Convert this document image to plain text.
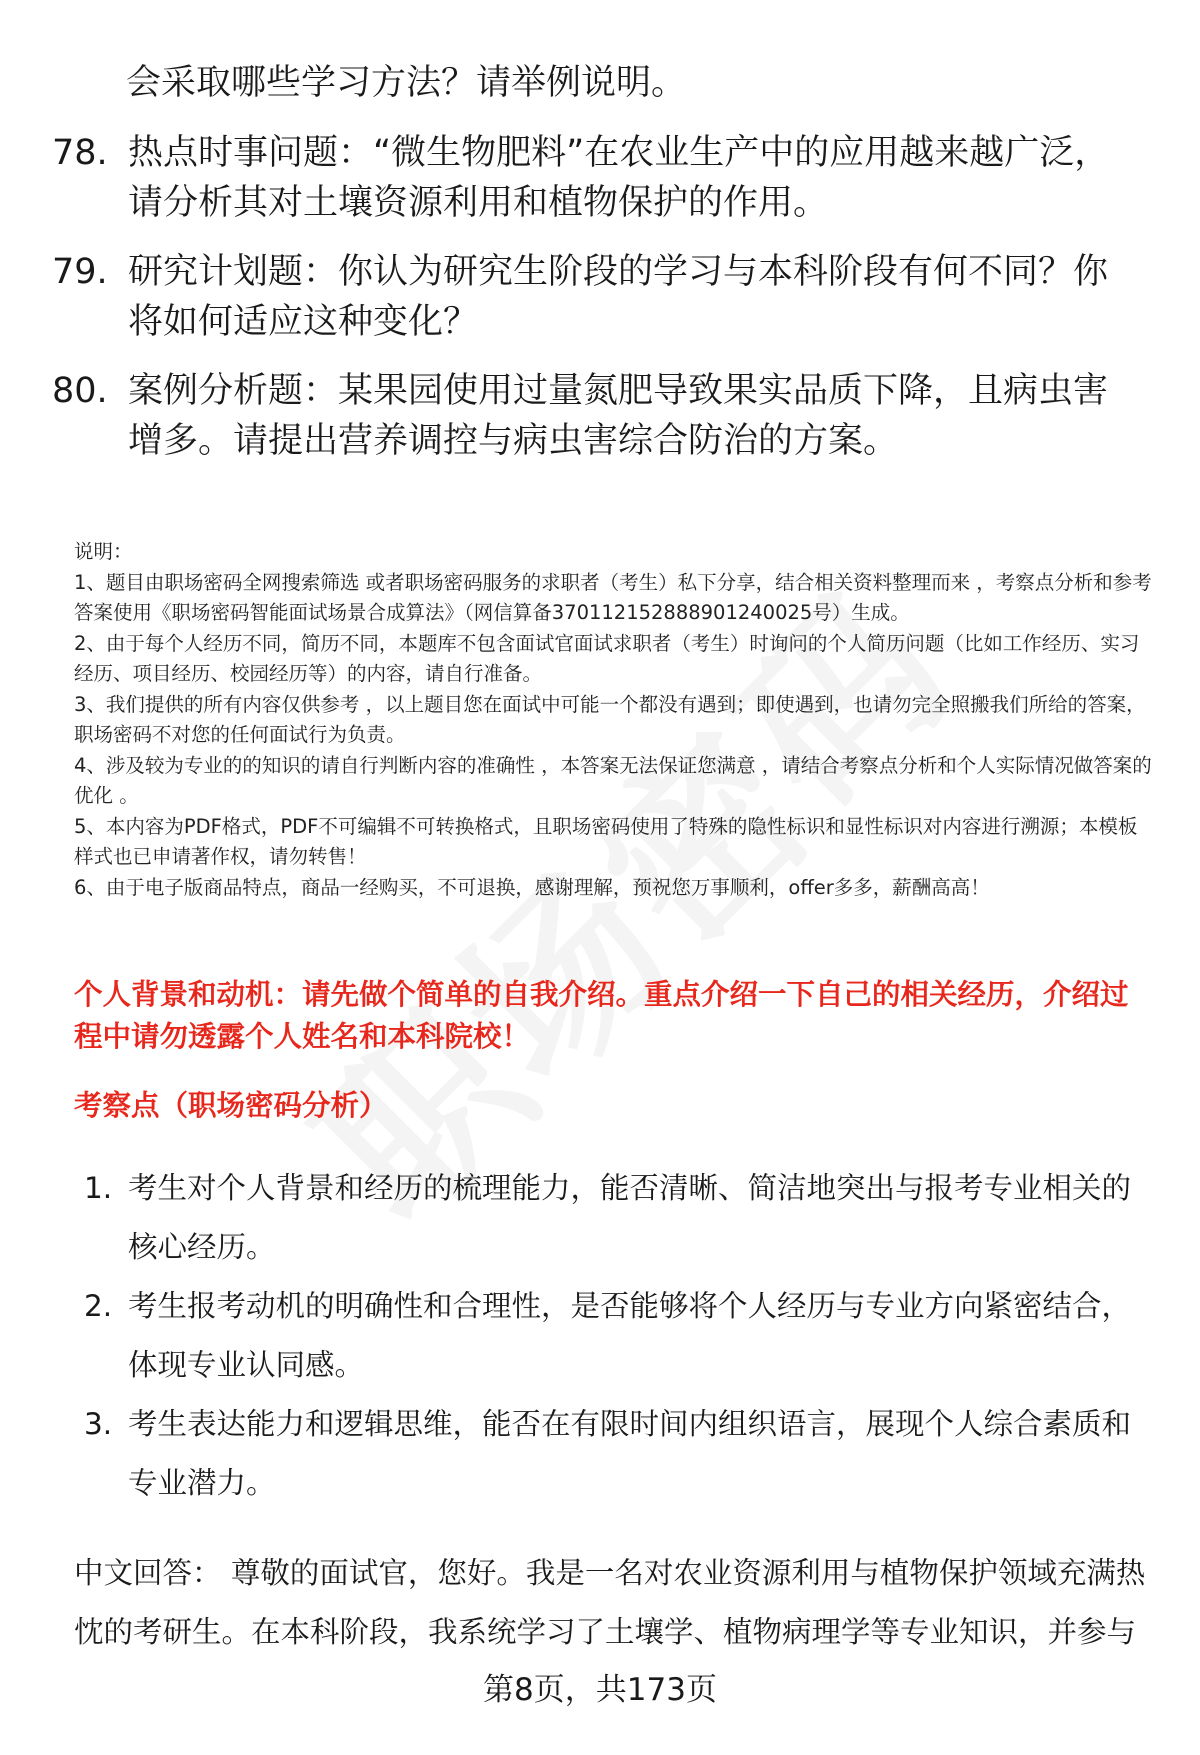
会采取哪些学习方法？请举例说明。
78. 热点时事问题：“微生物肥料”在农业生产中的应用越来越广泛，请分析其对土壤资源利用和植物保护的作用。
79. 研究计划题：你认为研究生阶段的学习与本科阶段有何不同？你将如何适应这种变化？
80. 案例分析题：某果园使用过量氮肥导致果实品质下降，且病虫害增多。请提出营养调控与病虫害综合防治的方案。

说明：

1、题目由职场密码全网搜索筛选 或者职场密码服务的求职者（考生）私下分享，结合相关资料整理而来 ，考察点分析和参考答案使用《职场密码智能面试场景合成算法》（网信算备370112152888901240025号）生成。

2、由于每个人经历不同，简历不同，本题库不包含面试官面试求职者（考生）时询问的个人简历问题（比如工作经历、实习经历、项目经历、校园经历等）的内容，请自行准备。

3、我们提供的所有内容仅供参考 ，以上题目您在面试中可能一个都没有遇到；即使遇到，也请勿完全照搬我们所给的答案，职场密码不对您的任何面试行为负责。

4、涉及较为专业的的知识的请自行判断内容的准确性 ，本答案无法保证您满意 ，请结合考察点分析和个人实际情况做答案的优化 。

5、本内容为PDF格式，PDF不可编辑不可转换格式，且职场密码使用了特殊的隐性标识和显性标识对内容进行溯源；本模板样式也已申请著作权，请勿转售！

6、由于电子版商品特点，商品一经购买，不可退换，感谢理解，预祝您万事顺利，offer多多，薪酬高高！

个人背景和动机：请先做个简单的自我介绍。重点介绍一下自己的相关经历，介绍过程中请勿透露个人姓名和本科院校！
考察点（职场密码分析）
1. 考生对个人背景和经历的梳理能力，能否清晰、简洁地突出与报考专业相关的核心经历。
2. 考生报考动机的明确性和合理性，是否能够将个人经历与专业方向紧密结合，体现专业认同感。
3. 考生表达能力和逻辑思维，能否在有限时间内组织语言，展现个人综合素质和专业潜力。
中文回答： 尊敬的面试官，您好。我是一名对农业资源利用与植物保护领域充满热忱的考研生。在本科阶段，我系统学习了土壤学、植物病理学等专业知识，并参与
第8页，共173页
